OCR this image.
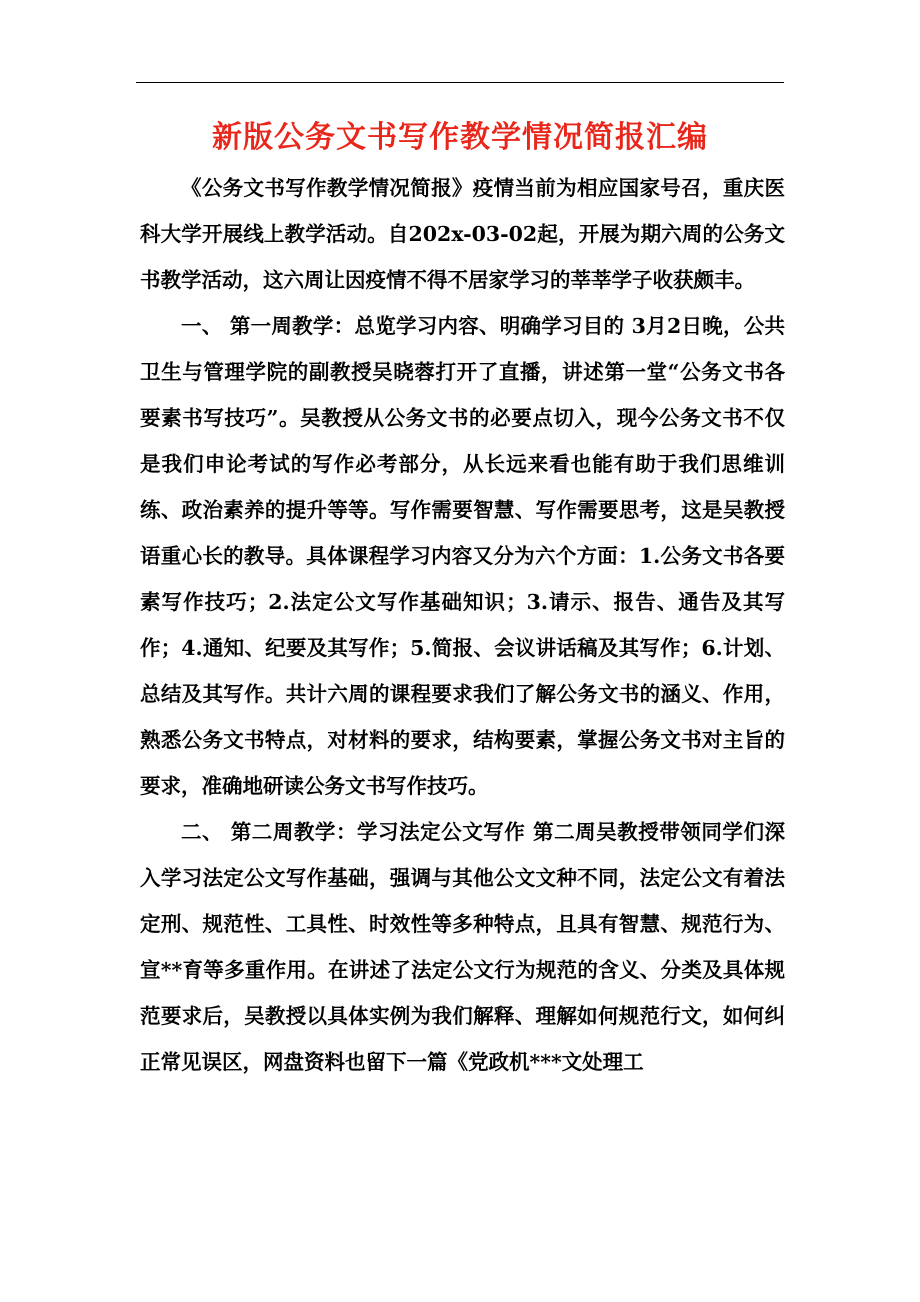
新版公务文书写作教学情况简报汇编

《公务文书写作教学情况简报》疫情当前为相应国家号召，重庆医科大学开展线上教学活动。自202x-03-02起，开展为期六周的公务文书教学活动，这六周让因疫情不得不居家学习的莘莘学子收获颇丰。

一、 第一周教学：总览学习内容、明确学习目的 3月2日晚，公共卫生与管理学院的副教授吴晓蓉打开了直播，讲述第一堂“公务文书各要素书写技巧”。吴教授从公务文书的必要点切入，现今公务文书不仅是我们申论考试的写作必考部分，从长远来看也能有助于我们思维训练、政治素养的提升等等。写作需要智慧、写作需要思考，这是吴教授语重心长的教导。具体课程学习内容又分为六个方面：1.公务文书各要素写作技巧；2.法定公文写作基础知识；3.请示、报告、通告及其写作；4.通知、纪要及其写作；5.简报、会议讲话稿及其写作；6.计划、总结及其写作。共计六周的课程要求我们了解公务文书的涵义、作用，熟悉公务文书特点，对材料的要求，结构要素，掌握公务文书对主旨的要求，准确地研读公务文书写作技巧。

二、 第二周教学：学习法定公文写作 第二周吴教授带领同学们深入学习法定公文写作基础，强调与其他公文文种不同，法定公文有着法定刑、规范性、工具性、时效性等多种特点，且具有智慧、规范行为、宣**育等多重作用。在讲述了法定公文行为规范的含义、分类及具体规范要求后，吴教授以具体实例为我们解释、理解如何规范行文，如何纠正常见误区，网盘资料也留下一篇《党政机***文处理工
